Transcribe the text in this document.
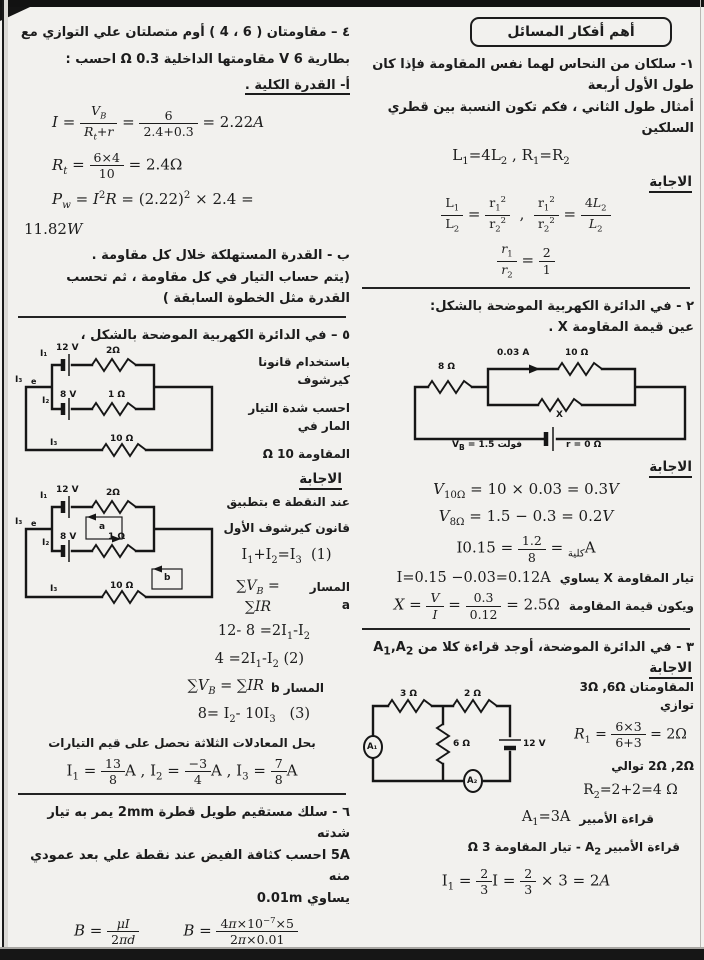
أهم أفكار المسائل
١- سلكان من النحاس لهما نفس المقاومة فإذا كان طول الأول أربعة
أمثال طول الثاني ، فكم تكون النسبة بين قطري السلكين
$L_1=4L_2$ , $R_1=R_2$
الاجابة
$\frac{L_1}{L_2} = \frac{r_1^2}{r_2^2}$ , $\frac{r_1^2}{r_2^2} = \frac{4L_2}{L_2}$
$\frac{r_1}{r_2} = \frac{2}{1}$
٢ - في الدائرة الكهربية الموضحة بالشكل:
عين قيمة المقاومة X .
8 Ω
0.03 A	10 Ω
X
$V_B = 1.5$ فولت	r = 0 Ω
الاجابة
$V_{10\Omega} = 10 \times 0.03 = 0.3V$
$V_{8\Omega} = 1.5 - 0.3 = 0.2V$
I	$_{كلية}$ =
$\frac{1.2}{8}$
= 0.15A
تيار المقاومة X يساوي
I=0.15 −0.03=0.12A
ويكون قيمة المقاومة
$X = \frac{V}{I} = \frac{0.3}{0.12} = 2.5\Omega$
٣ - في الدائرة الموضحة، أوجد قراءة كلا من $A_1,A_2$
الاجابة
المقاومتان 3Ω ,6Ω توازي
$R_1 = \frac{6\times 3}{6+3} = 2\Omega$
2Ω ,2Ω توالي
$R_2=2+2=4$ Ω
3 Ω	2 Ω
6 Ω	12 V
A₁
A₂
قراءة الأمبير
$A_1=3A$
قراءة الأمبير $A_2$ - تيار المقاومة 3 Ω
$I_1 = \frac{2}{3}$ $I = \frac{2}{3} \times 3 = 2A$
٤ – مقاومتان ( 6 ، 4 ) أوم متصلتان علي التوازي مع
بطارية 6 V مقاومتها الداخلية 0.3 Ω احسب :
أ- القدرة الكلية .
$I = \frac{V_B}{R_t+r} = \frac{6}{2.4+0.3} = 2.22A$
$R_t = \frac{6\times 4}{10} = 2.4\Omega$
$P_w = I^2R = (2.22)^2 \times 2.4$ =
11.82W
ب - القدرة المستهلكة خلال كل مقاومة .
(يتم حساب التيار في كل مقاومة ، ثم تحسب
القدرة مثل الخطوة السابقة )
٥ – في الدائرة الكهربية الموضحة بالشكل ،
باستخدام قانونا كيرشوف
احسب شدة التيار المار في
المقاومة 10 Ω
I₁
12 V	2Ω
I₃ e
I₂
8 V	1 Ω
I₃	10 Ω
الاجابة
عند النقطة e بتطبيق
قانون كيرشوف الأول
$I_1+I_2=I_3$  (1)
المسار a
$\sum V_B = \sum IR$
I₁
12 V	2Ω
I₃ e
I₂
8 V	1 Ω
a
b
I₃	10 Ω
12- $8 =2I_1-I_2$
$4 =2I_1-I_2$ (2)
المسار b
$\sum V_B = \sum IR$
$8= I_2-$ $10I_3$   (3)
بحل المعادلات الثلاثة نحصل على قيم التيارات
$I_1 = \frac{13}{8}$ A , $I_2 = \frac{-3}{4}$ A , $I_3 = \frac{7}{8}$ A
٦ - سلك مستقيم طويل قطرة 2mm يمر به تيار شدته
5A احسب كثافة الفيض عند نقطة علي بعد عمودي منه
يساوي 0.01m
$B = \frac{\mu I}{2\pi d}$	$B = \frac{4\pi\times 10^{-7}\times 5}{2\pi\times 0.01}$
